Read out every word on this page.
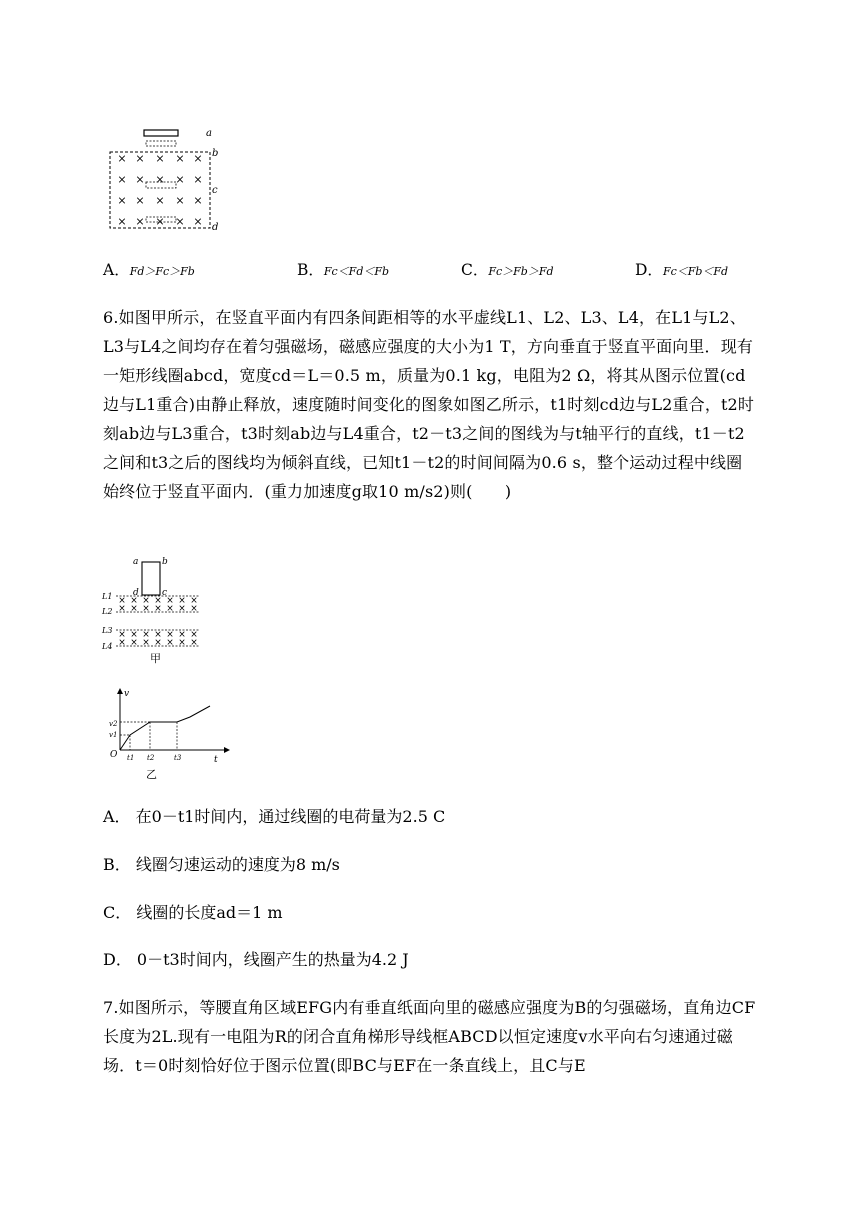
× × × × ×
× × × × ×
× × × × ×
× × × × ×
a
b
c
d
A．Fd＞Fc＞Fb	B．Fc＜Fd＜Fb	C．Fc＞Fb＞Fd	D．Fc＜Fb＜Fd

6.如图甲所示，在竖直平面内有四条间距相等的水平虚线L1、L2、L3、L4，在L1与L2、L3与L4之间均存在着匀强磁场，磁感应强度的大小为1 T，方向垂直于竖直平面向里．现有一矩形线圈abcd，宽度cd＝L＝0.5 m，质量为0.1 kg，电阻为2 Ω，将其从图示位置(cd边与L1重合)由静止释放，速度随时间变化的图象如图乙所示，t1时刻cd边与L2重合，t2时刻ab边与L3重合，t3时刻ab边与L4重合，t2－t3之间的图线为与t轴平行的直线，t1－t2之间和t3之后的图线均为倾斜直线，已知t1－t2的时间间隔为0.6 s，整个运动过程中线圈始终位于竖直平面内．(重力加速度g取10 m/s2)则(　　)

a	b
d	c
× × × × × × ×
× × × × × × ×
× × × × × × ×
× × × × × × ×
L1
L2
L3
L4
甲
v
t
O
v2
v1
t1 t2	t3
乙
A． 在0－t1时间内，通过线圈的电荷量为2.5 C
B． 线圈匀速运动的速度为8 m/s
C． 线圈的长度ad＝1 m
D． 0－t3时间内，线圈产生的热量为4.2 J

7.如图所示，等腰直角区域EFG内有垂直纸面向里的磁感应强度为B的匀强磁场，直角边CF长度为2L.现有一电阻为R的闭合直角梯形导线框ABCD以恒定速度v水平向右匀速通过磁场．t＝0时刻恰好位于图示位置(即BC与EF在一条直线上，且C与E
